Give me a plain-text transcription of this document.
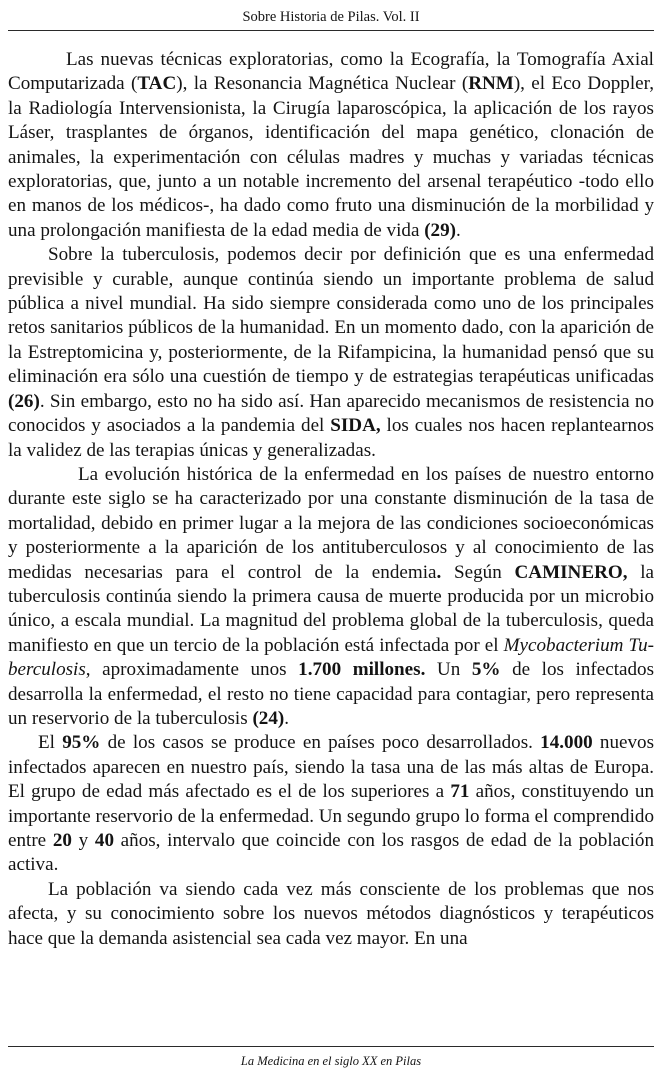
Sobre Historia de Pilas. Vol. II

Las nuevas técnicas exploratorias, como la Ecografía, la Tomografía Axial Computarizada (TAC), la Resonancia Magnética Nuclear (RNM), el Eco Doppler, la Radiología Intervensionista, la Cirugía laparoscópica, la aplicación de los rayos Láser, trasplantes de órganos, identificación del mapa genético, clonación de animales, la experimentación con células madres y muchas y variadas técnicas exploratorias, que, junto a un notable incremento del arsenal terapéutico -todo ello en manos de los médicos-, ha dado como fruto una disminución de la morbilidad y una prolongación manifiesta de la edad media de vida (29).

Sobre la tuberculosis, podemos decir por definición que es una enfermedad previsible y curable, aunque continúa siendo un importante problema de salud pública a nivel mundial. Ha sido siempre considerada como uno de los principales retos sanitarios públicos de la humanidad. En un momento dado, con la aparición de la Estreptomicina y, posteriormente, de la Rifampicina, la humanidad pensó que su eliminación era sólo una cuestión de tiempo y de estrategias terapéuticas unificadas (26). Sin embargo, esto no ha sido así. Han aparecido mecanismos de resistencia no conocidos y asociados a la pandemia del SIDA, los cuales nos hacen replantearnos la validez de las terapias únicas y generalizadas.

La evolución histórica de la enfermedad en los países de nuestro entorno durante este siglo se ha caracterizado por una constante disminución de la tasa de mortalidad, debido en primer lugar a la mejora de las condiciones socioeconómicas y posteriormente a la aparición de los antituberculosos y al conocimiento de las medidas necesarias para el control de la endemia. Según CAMINERO, la tuberculosis continúa siendo la primera causa de muerte producida por un microbio único, a escala mundial. La magnitud del problema global de la tuberculosis, queda manifiesto en que un tercio de la población está infectada por el Mycobacterium Tuberculosis, aproximadamente unos 1.700 millones. Un 5% de los infectados desarrolla la enfermedad, el resto no tiene capacidad para contagiar, pero representa un reservorio de la tuberculosis (24).

El 95% de los casos se produce en países poco desarrollados. 14.000 nuevos infectados aparecen en nuestro país, siendo la tasa una de las más altas de Europa. El grupo de edad más afectado es el de los superiores a 71 años, constituyendo un importante reservorio de la enfermedad. Un segundo grupo lo forma el comprendido entre 20 y 40 años, intervalo que coincide con los rasgos de edad de la población activa.

La población va siendo cada vez más consciente de los problemas que nos afecta, y su conocimiento sobre los nuevos métodos diagnósticos y terapéuticos hace que la demanda asistencial sea cada vez mayor. En una

La Medicina en el siglo XX en Pilas
